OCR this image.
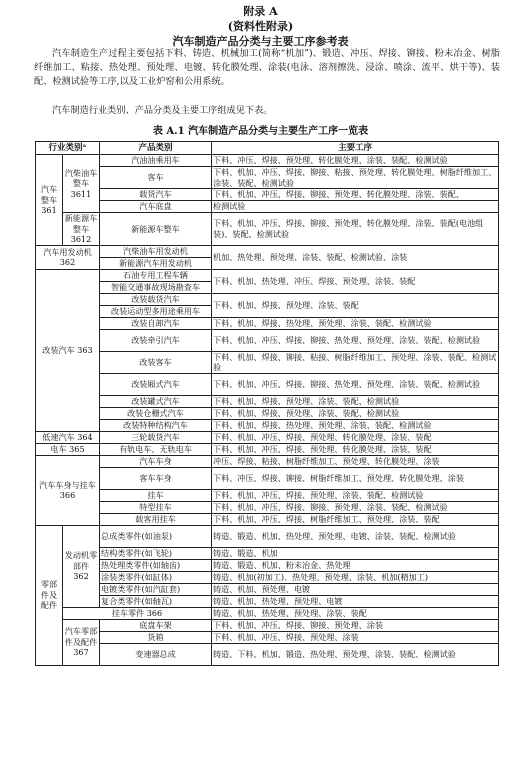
附录 A
(资料性附录)
汽车制造产品分类与主要工序参考表
汽车制造生产过程主要包括下料、铸造、机械加工(简称“机加”)、锻造、冲压、焊接、铆接、粉末冶金、树脂纤维加工、粘接、热处理、预处理、电镀、转化膜处理、涂装(电泳、溶剂擦洗、浸涂、喷涂、流平、烘干等)、装配、检测试验等工序,以及工业炉窑和公用系统。
汽车制造行业类别、产品分类及主要工序组成见下表。
表 A.1 汽车制造产品分类与主要生产工序一览表
行业类别ᵃ		产品类别	主要工序
汽车整车 361	汽柴油车整车 3611	汽油油乘用车	下料、冲压、焊接、预处理、转化膜处理、涂装、装配、检测试验
		客车	下料、机加、冲压、焊接、铆接、粘接、预处理、转化膜处理、树脂纤维加工、涂装、装配、检测试验
		载货汽车	下料、机加、冲压、焊接、铆接、预处理、转化膜处理、涂装、装配、
		汽车底盘	检测试验
	新能源车整车 3612	新能源车整车	下料、机加、冲压、焊接、铆接、预处理、转化膜处理、涂装、装配(电池组装)、装配、检测试验

汽车用发动机 362		汽柴油车用发动机	机加、热处理、预处理、涂装、装配、检测试验、涂装
		新能源汽车用发动机	
改装汽车 363		石油专用工程车辆	下料、机加、热处理、冲压、焊接、预处理、涂装、装配
		智能交通事故现场勘查车	
		改装载货汽车	下料、机加、焊接、预处理、涂装、装配
		改装运动型多用途乘用车	
		改装自卸汽车	下料、机加、焊接、热处理、预处理、涂装、装配、检测试验
		改装牵引汽车	下料、机加、冲压、焊接、铆接、热处理、预处理、涂装、装配、检测试验
		改装客车	下料、机加、焊接、铆接、粘接、树脂纤维加工、预处理、涂装、装配、检测试验
		改装厢式汽车	下料、机加、冲压、焊接、铆接、热处理、预处理、涂装、装配、检测试验
		改装罐式汽车	下料、机加、焊接、预处理、涂装、装配、检测试验
		改装仓栅式汽车	下料、机加、焊接、预处理、涂装、装配、检测试验
		改装特种结构汽车	下料、机加、焊接、热处理、预处理、涂装、装配、检测试验

低速汽车 364		三轮载货汽车	下料、机加、冲压、焊接、预处理、转化膜处理、涂装、装配
电车 365		有轨电车、无轨电车	下料、机加、冲压、焊接、预处理、转化膜处理、涂装、装配
汽车车身与挂车 366		汽车车身	冲压、焊接、粘接、树脂纤维加工、预处理、转化膜处理、涂装
		客车车身	下料、冲压、焊接、铆接、树脂纤维加工、预处理、转化膜处理、涂装
		挂车	下料、机加、冲压、焊接、预处理、涂装、装配、检测试验
		特型挂车	下料、机加、冲压、焊接、铆接、预处理、涂装、装配、检测试验
		载客用挂车	下料、机加、冲压、焊接、树脂纤维加工、预处理、涂装、装配
零部件及配件	发动机零部件 362	总成类零件(如油泵)	铸造、锻造、机加、热处理、预处理、电镀、涂装、装配、检测试验
		结构类零件(如飞轮)	铸造、锻造、机加
		热处理类零件(如轴齿)	铸造、锻造、机加、粉末冶金、热处理
		涂装类零件(如缸体)	铸造、机加(初加工)、热处理、预处理、涂装、机加(精加工)
		电镀类零件(如汽缸套)	铸造、机加、预处理、电镀
		复合类零件(如轴瓦)	铸造、机加、热处理、预处理、电镀
	挂车零件 366		铸造、机加、热处理、预处理、涂装、装配
	汽车零部件及配件 367	底盘车架	下料、机加、冲压、焊接、铆接、预处理、涂装
		货箱	下料、机加、冲压、焊接、预处理、涂装
		变速器总成	铸造、下料、机加、锻造、热处理、预处理、涂装、装配、检测试验
